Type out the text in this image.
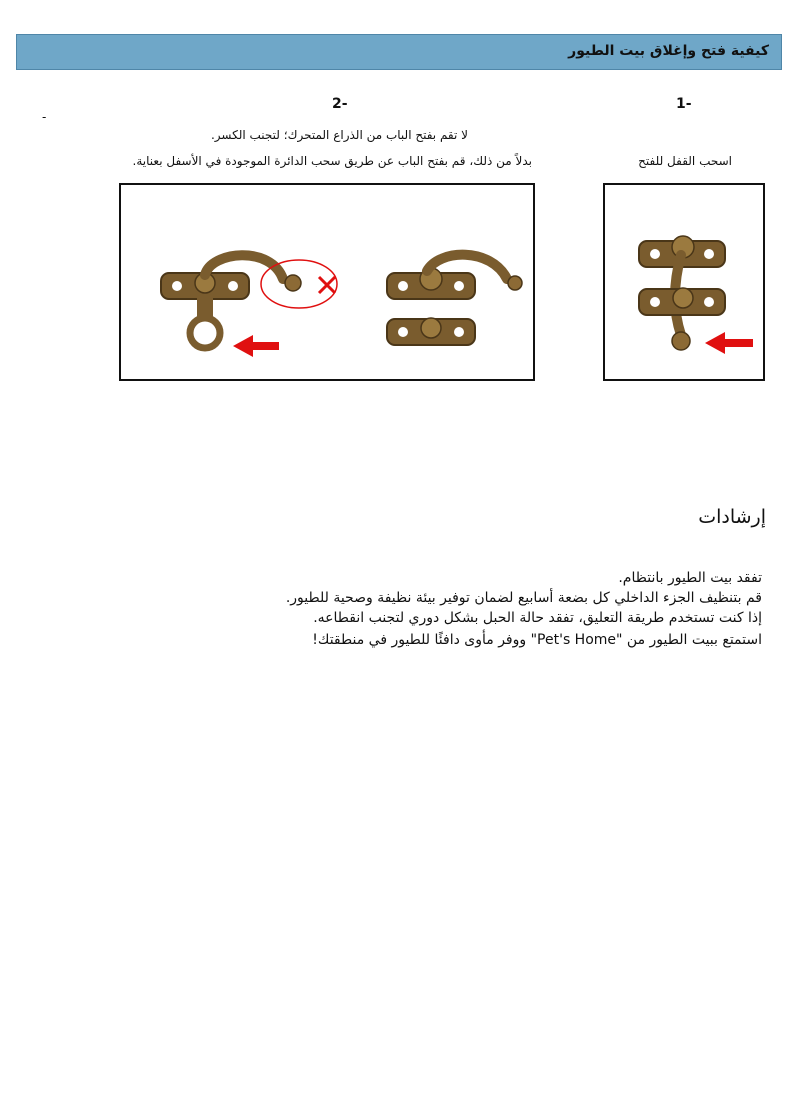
كيفية فتح وإغلاق بيت الطيور
1-
2-
-
لا تقم بفتح الباب من الذراع المتحرك؛ لتجنب الكسر.
بدلاً من ذلك، قم بفتح الباب عن طريق سحب الدائرة الموجودة في الأسفل بعناية.	اسحب القفل للفتح
إرشادات
تفقد بيت الطيور بانتظام.
قم بتنظيف الجزء الداخلي كل بضعة أسابيع لضمان توفير بيئة نظيفة وصحية للطيور.
إذا كنت تستخدم طريقة التعليق، تفقد حالة الحبل بشكل دوري لتجنب انقطاعه.
استمتع ببيت الطيور من "Pet's Home" ووفر مأوى دافئًا للطيور في منطقتك!
